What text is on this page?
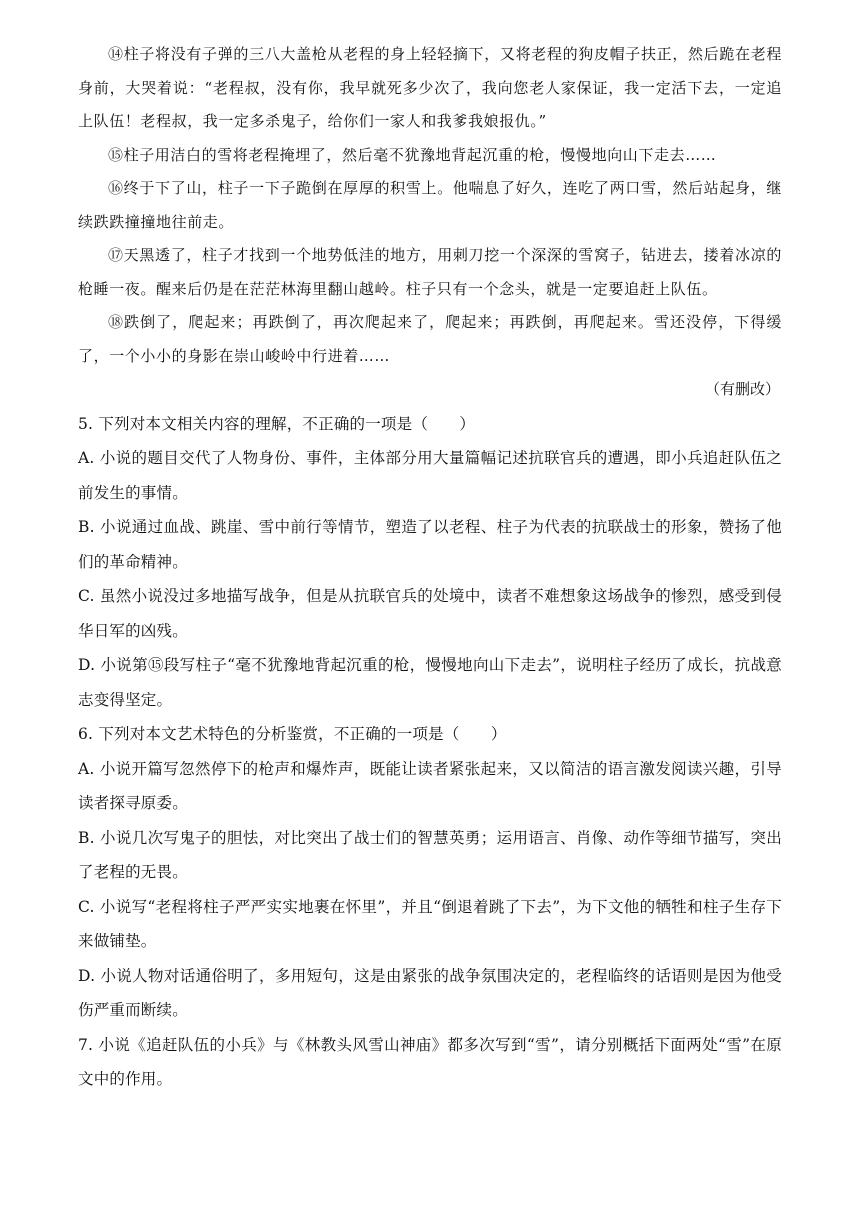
⑭柱子将没有子弹的三八大盖枪从老程的身上轻轻摘下，又将老程的狗皮帽子扶正，然后跪在老程身前，大哭着说：“老程叔，没有你，我早就死多少次了，我向您老人家保证，我一定活下去，一定追上队伍！老程叔，我一定多杀鬼子，给你们一家人和我爹我娘报仇。”

⑮柱子用洁白的雪将老程掩埋了，然后毫不犹豫地背起沉重的枪，慢慢地向山下走去……

⑯终于下了山，柱子一下子跪倒在厚厚的积雪上。他喘息了好久，连吃了两口雪，然后站起身，继续跌跌撞撞地往前走。

⑰天黑透了，柱子才找到一个地势低洼的地方，用刺刀挖一个深深的雪窝子，钻进去，搂着冰凉的枪睡一夜。醒来后仍是在茫茫林海里翻山越岭。柱子只有一个念头，就是一定要追赶上队伍。

⑱跌倒了，爬起来；再跌倒了，再次爬起来了，爬起来；再跌倒，再爬起来。雪还没停，下得缓了，一个小小的身影在崇山峻岭中行进着……

（有删改）

5. 下列对本文相关内容的理解，不正确的一项是（　　）

A. 小说的题目交代了人物身份、事件，主体部分用大量篇幅记述抗联官兵的遭遇，即小兵追赶队伍之前发生的事情。

B. 小说通过血战、跳崖、雪中前行等情节，塑造了以老程、柱子为代表的抗联战士的形象，赞扬了他们的革命精神。

C. 虽然小说没过多地描写战争，但是从抗联官兵的处境中，读者不难想象这场战争的惨烈，感受到侵华日军的凶残。

D. 小说第⑮段写柱子“毫不犹豫地背起沉重的枪，慢慢地向山下走去”，说明柱子经历了成长，抗战意志变得坚定。

6. 下列对本文艺术特色的分析鉴赏，不正确的一项是（　　）

A. 小说开篇写忽然停下的枪声和爆炸声，既能让读者紧张起来，又以简洁的语言激发阅读兴趣，引导读者探寻原委。

B. 小说几次写鬼子的胆怯，对比突出了战士们的智慧英勇；运用语言、肖像、动作等细节描写，突出了老程的无畏。

C. 小说写“老程将柱子严严实实地裹在怀里”，并且“倒退着跳了下去”，为下文他的牺牲和柱子生存下来做铺垫。

D. 小说人物对话通俗明了，多用短句，这是由紧张的战争氛围决定的，老程临终的话语则是因为他受伤严重而断续。

7. 小说《追赶队伍的小兵》与《林教头风雪山神庙》都多次写到“雪”，请分别概括下面两处“雪”在原文中的作用。
